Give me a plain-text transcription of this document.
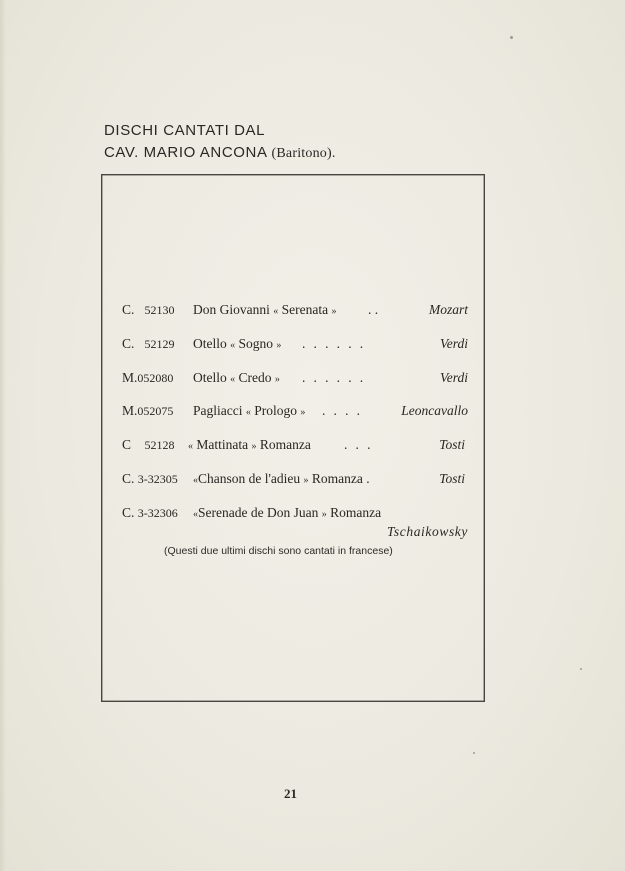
DISCHI CANTATI DAL
CAV. MARIO ANCONA (Baritono).
C. 52130 Don Giovanni « Serenata » . .	Mozart
C. 52129 Otello « Sogno » . . . . . .	Verdi
M.052080 Otello « Credo » . . . . . .	Verdi
M.052075 Pagliacci « Prologo » . . . .	Leoncavallo
C 52128 « Mattinata » Romanza . . .	Tosti
C. 3-32305 «Chanson de l'adieu » Romanza .	Tosti
C. 3-32306 «Serenade de Don Juan » Romanza
Tschaikowsky
(Questi due ultimi dischi sono cantati in francese)
21
